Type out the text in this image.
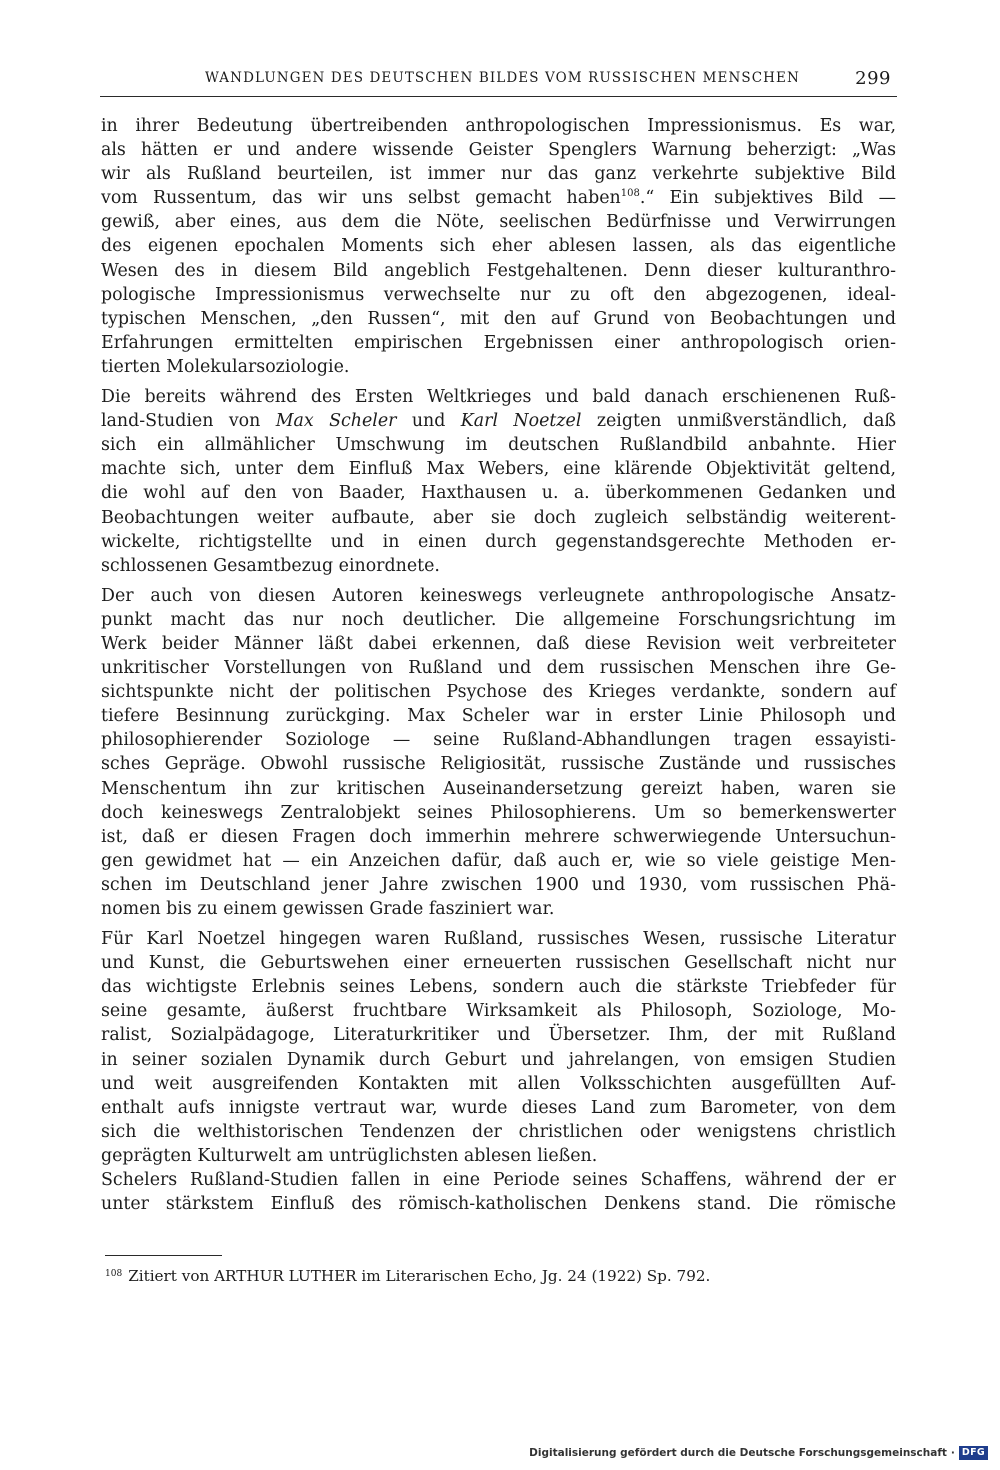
WANDLUNGEN DES DEUTSCHEN BILDES VOM RUSSISCHEN MENSCHEN	299
in ihrer Bedeutung übertreibenden anthropologischen Impressionismus. Es war,
als hätten er und andere wissende Geister Spenglers Warnung beherzigt: „Was
wir als Rußland beurteilen, ist immer nur das ganz verkehrte subjektive Bild
vom Russentum, das wir uns selbst gemacht haben$^{108}$.“ Ein subjektives Bild —
gewiß, aber eines, aus dem die Nöte, seelischen Bedürfnisse und Verwirrungen
des eigenen epochalen Moments sich eher ablesen lassen, als das eigentliche
Wesen des in diesem Bild angeblich Festgehaltenen. Denn dieser kulturanthro-
pologische Impressionismus verwechselte nur zu oft den abgezogenen, ideal-
typischen Menschen, „den Russen“, mit den auf Grund von Beobachtungen und
Erfahrungen ermittelten empirischen Ergebnissen einer anthropologisch orien-
tierten Molekularsoziologie.
Die bereits während des Ersten Weltkrieges und bald danach erschienenen Ruß-
land-Studien von Max Scheler und Karl Noetzel zeigten unmißverständlich, daß
sich ein allmählicher Umschwung im deutschen Rußlandbild anbahnte. Hier
machte sich, unter dem Einfluß Max Webers, eine klärende Objektivität geltend,
die wohl auf den von Baader, Haxthausen u. a. überkommenen Gedanken und
Beobachtungen weiter aufbaute, aber sie doch zugleich selbständig weiterent-
wickelte, richtigstellte und in einen durch gegenstandsgerechte Methoden er-
schlossenen Gesamtbezug einordnete.
Der auch von diesen Autoren keineswegs verleugnete anthropologische Ansatz-
punkt macht das nur noch deutlicher. Die allgemeine Forschungsrichtung im
Werk beider Männer läßt dabei erkennen, daß diese Revision weit verbreiteter
unkritischer Vorstellungen von Rußland und dem russischen Menschen ihre Ge-
sichtspunkte nicht der politischen Psychose des Krieges verdankte, sondern auf
tiefere Besinnung zurückging. Max Scheler war in erster Linie Philosoph und
philosophierender Soziologe — seine Rußland-Abhandlungen tragen essayisti-
sches Gepräge. Obwohl russische Religiosität, russische Zustände und russisches
Menschentum ihn zur kritischen Auseinandersetzung gereizt haben, waren sie
doch keineswegs Zentralobjekt seines Philosophierens. Um so bemerkenswerter
ist, daß er diesen Fragen doch immerhin mehrere schwerwiegende Untersuchun-
gen gewidmet hat — ein Anzeichen dafür, daß auch er, wie so viele geistige Men-
schen im Deutschland jener Jahre zwischen 1900 und 1930, vom russischen Phä-
nomen bis zu einem gewissen Grade fasziniert war.
Für Karl Noetzel hingegen waren Rußland, russisches Wesen, russische Literatur
und Kunst, die Geburtswehen einer erneuerten russischen Gesellschaft nicht nur
das wichtigste Erlebnis seines Lebens, sondern auch die stärkste Triebfeder für
seine gesamte, äußerst fruchtbare Wirksamkeit als Philosoph, Soziologe, Mo-
ralist, Sozialpädagoge, Literaturkritiker und Übersetzer. Ihm, der mit Rußland
in seiner sozialen Dynamik durch Geburt und jahrelangen, von emsigen Studien
und weit ausgreifenden Kontakten mit allen Volksschichten ausgefüllten Auf-
enthalt aufs innigste vertraut war, wurde dieses Land zum Barometer, von dem
sich die welthistorischen Tendenzen der christlichen oder wenigstens christlich
geprägten Kulturwelt am untrüglichsten ablesen ließen.
Schelers Rußland-Studien fallen in eine Periode seines Schaffens, während der er
unter stärkstem Einfluß des römisch-katholischen Denkens stand. Die römische
$^{108}$ Zitiert von ARTHUR LUTHER im Literarischen Echo, Jg. 24 (1922) Sp. 792.
Digitalisierung gefördert durch die Deutsche Forschungsgemeinschaft · DFG
